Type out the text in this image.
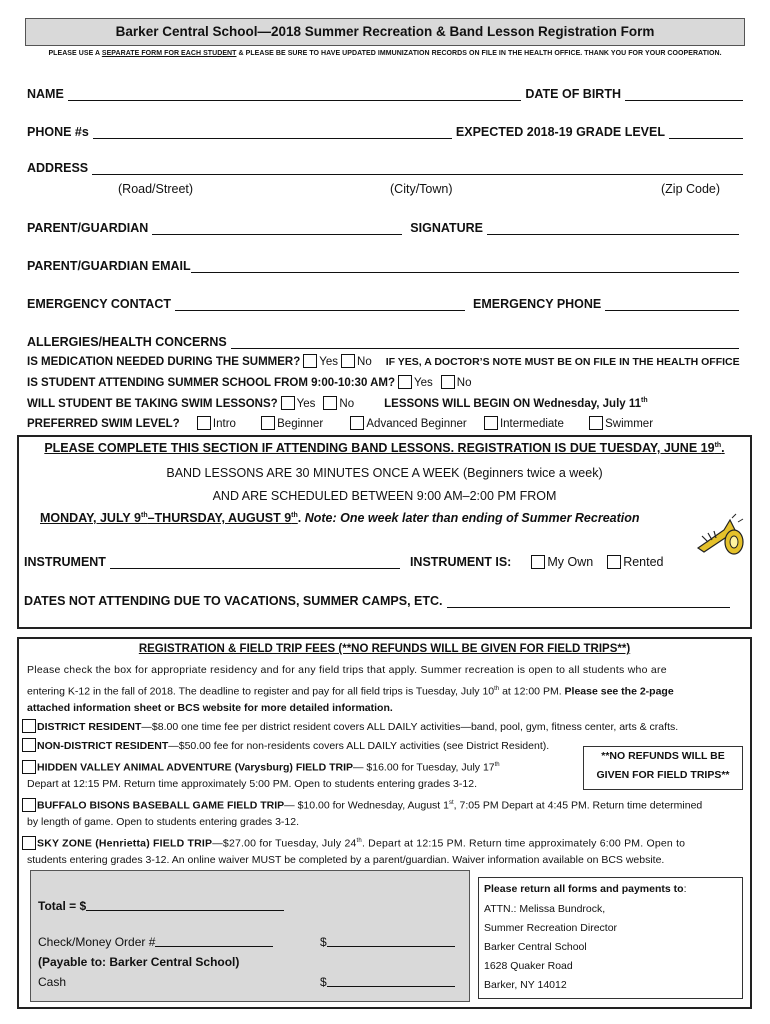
Barker Central School—2018 Summer Recreation & Band Lesson Registration Form
PLEASE USE A SEPARATE FORM FOR EACH STUDENT & PLEASE BE SURE TO HAVE UPDATED IMMUNIZATION RECORDS ON FILE IN THE HEALTH OFFICE. THANK YOU FOR YOUR COOPERATION.
NAME	DATE OF BIRTH
PHONE #s	EXPECTED 2018-19 GRADE LEVEL
ADDRESS
(Road/Street)	(City/Town)	(Zip Code)
PARENT/GUARDIAN	SIGNATURE
PARENT/GUARDIAN EMAIL
EMERGENCY CONTACT	EMERGENCY PHONE
ALLERGIES/HEALTH CONCERNS
IS MEDICATION NEEDED DURING THE SUMMER? Yes No IF YES, A DOCTOR’S NOTE MUST BE ON FILE IN THE HEALTH OFFICE
IS STUDENT ATTENDING SUMMER SCHOOL FROM 9:00-10:30 AM? Yes No
WILL STUDENT BE TAKING SWIM LESSONS? Yes No	LESSONS WILL BEGIN ON Wednesday, July 11th
PREFERRED SWIM LEVEL?	Intro	Beginner	Advanced Beginner	Intermediate	Swimmer
PLEASE COMPLETE THIS SECTION IF ATTENDING BAND LESSONS. REGISTRATION IS DUE TUESDAY, JUNE 19th.
BAND LESSONS ARE 30 MINUTES ONCE A WEEK (Beginners twice a week)
AND ARE SCHEDULED BETWEEN 9:00 AM–2:00 PM FROM
MONDAY, JULY 9th–THURSDAY, AUGUST 9th. Note: One week later than ending of Summer Recreation
INSTRUMENT	INSTRUMENT IS:	My Own Rented
DATES NOT ATTENDING DUE TO VACATIONS, SUMMER CAMPS, ETC.
REGISTRATION & FIELD TRIP FEES (**NO REFUNDS WILL BE GIVEN FOR FIELD TRIPS**)
Please check the box for appropriate residency and for any field trips that apply. Summer recreation is open to all students who are
entering K-12 in the fall of 2018. The deadline to register and pay for all field trips is Tuesday, July 10th at 12:00 PM. Please see the 2-page
attached information sheet or BCS website for more detailed information.
DISTRICT RESIDENT—$8.00 one time fee per district resident covers ALL DAILY activities—band, pool, gym, fitness center, arts & crafts.
NON-DISTRICT RESIDENT—$50.00 fee for non-residents covers ALL DAILY activities (see District Resident).
HIDDEN VALLEY ANIMAL ADVENTURE (Varysburg) FIELD TRIP— $16.00 for Tuesday, July 17th
Depart at 12:15 PM. Return time approximately 5:00 PM. Open to students entering grades 3-12.
**NO REFUNDS WILL BE
GIVEN FOR FIELD TRIPS**
BUFFALO BISONS BASEBALL GAME FIELD TRIP— $10.00 for Wednesday, August 1st, 7:05 PM Depart at 4:45 PM. Return time determined
by length of game. Open to students entering grades 3-12.
SKY ZONE (Henrietta) FIELD TRIP—$27.00 for Tuesday, July 24th. Depart at 12:15 PM. Return time approximately 6:00 PM. Open to
students entering grades 3-12. An online waiver MUST be completed by a parent/guardian. Waiver information available on BCS website.
Total = $
Check/Money Order #	$
(Payable to: Barker Central School)
Cash	$
Please return all forms and payments to:
ATTN.: Melissa Bundrock,
Summer Recreation Director
Barker Central School
1628 Quaker Road
Barker, NY 14012
